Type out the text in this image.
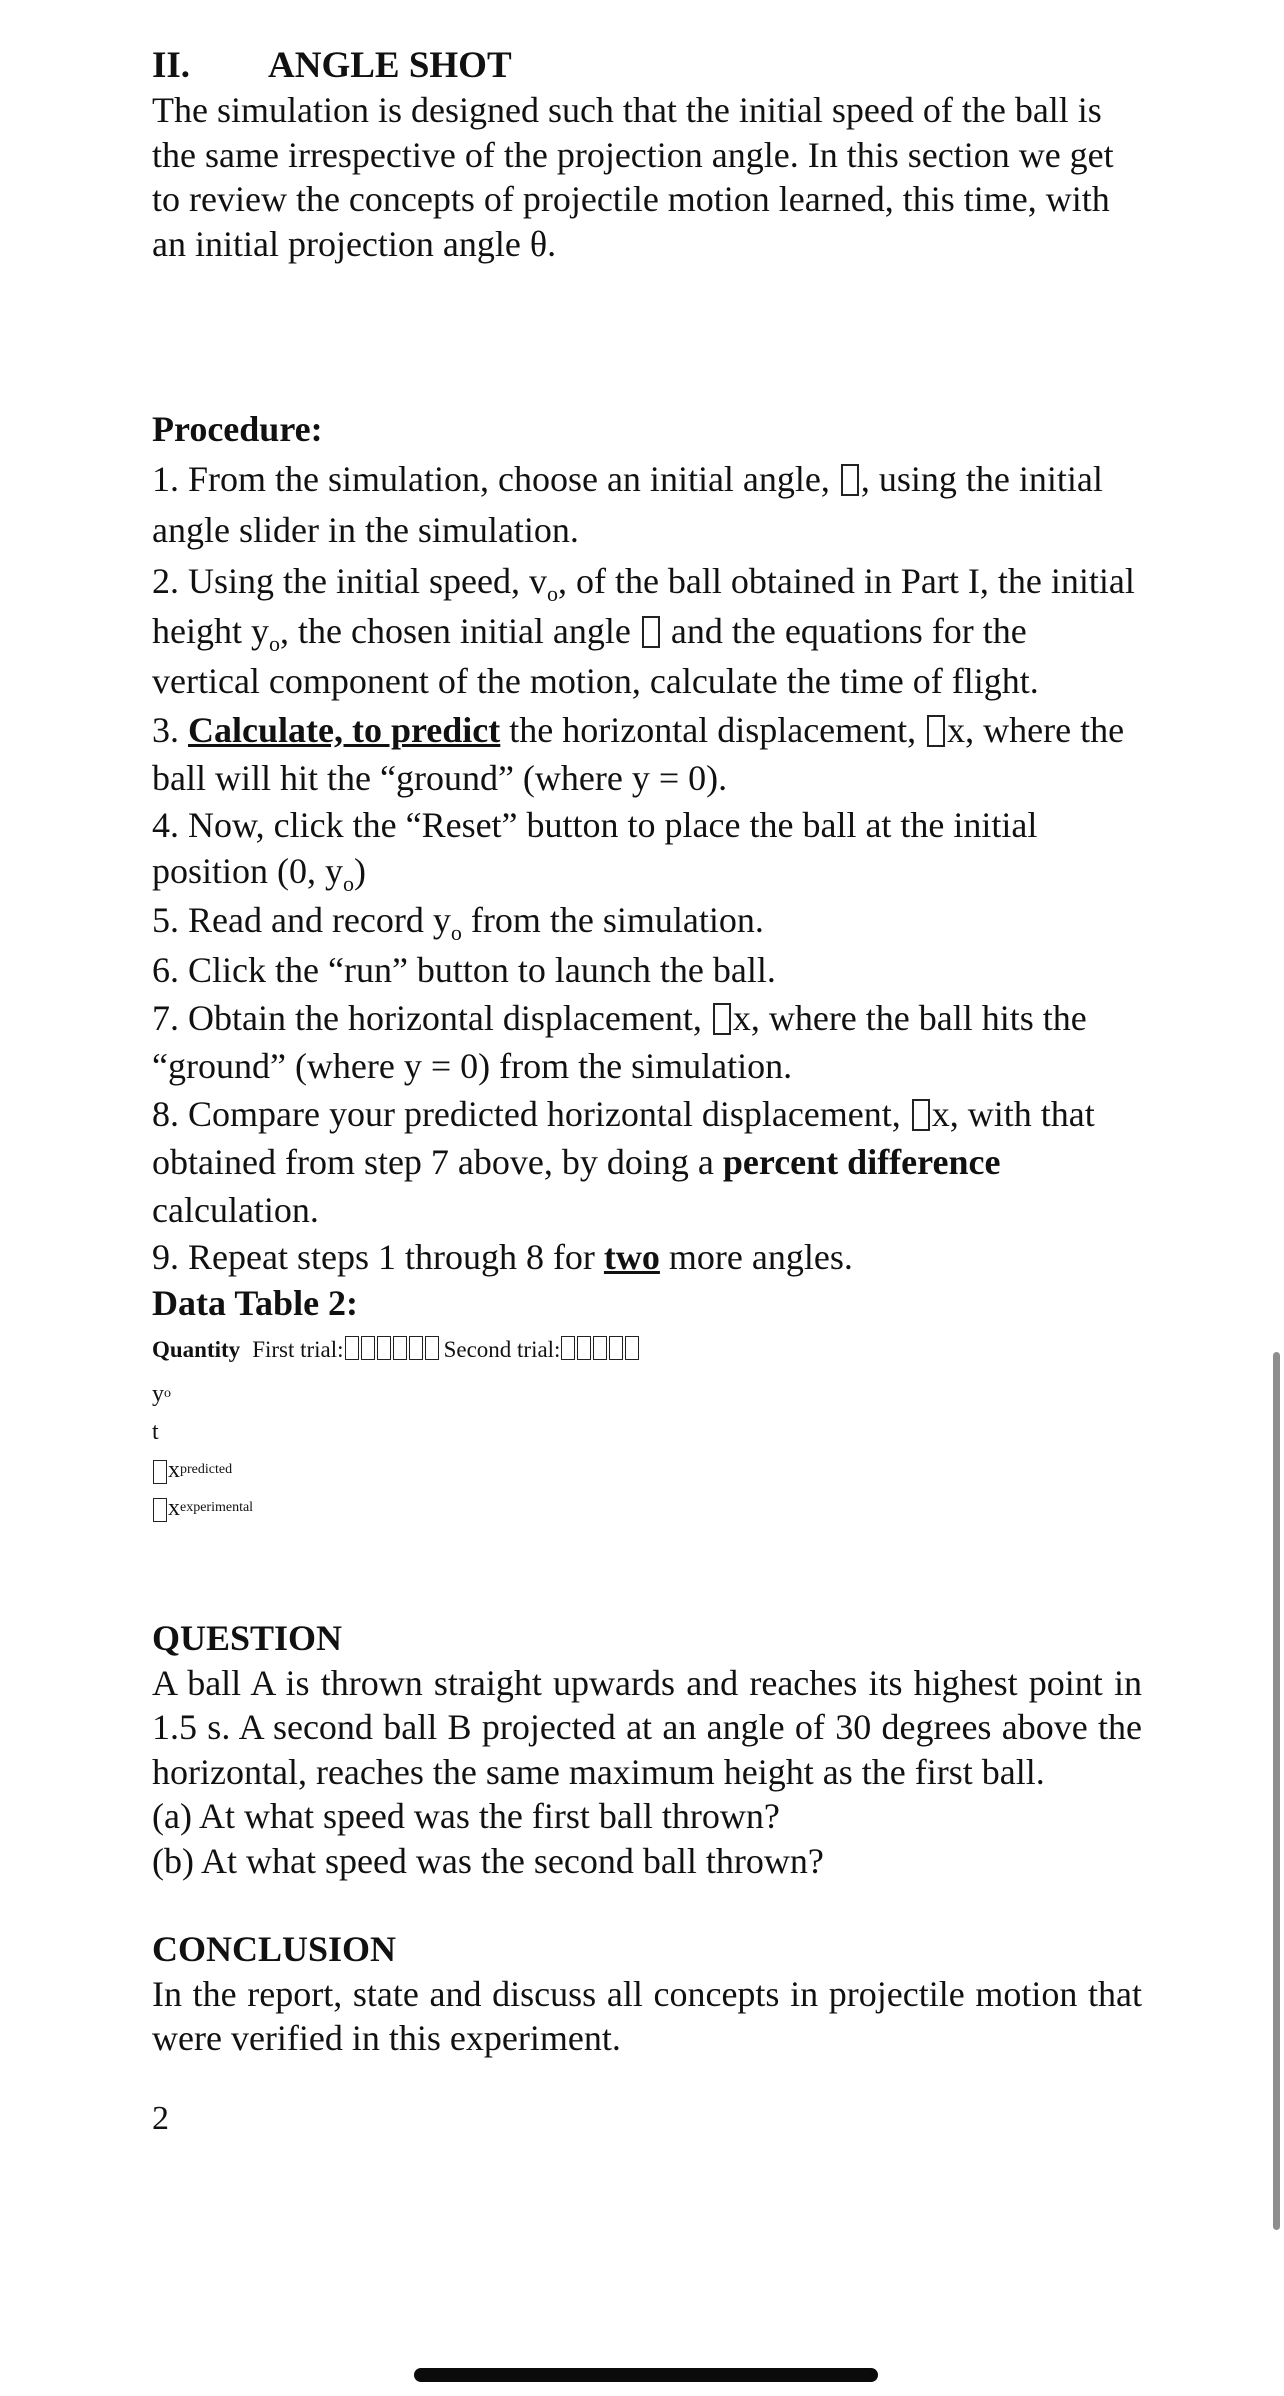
II. ANGLE SHOT
The simulation is designed such that the initial speed of the ball is the same irrespective of the projection angle. In this section we get to review the concepts of projectile motion learned, this time, with an initial projection angle θ.
Procedure:
1. From the simulation, choose an initial angle, , using the initial angle slider in the simulation.
2. Using the initial speed, $v_o$, of the ball obtained in Part I, the initial height $y_o$, the chosen initial angle  and the equations for the vertical component of the motion, calculate the time of flight.
3. Calculate, to predict the horizontal displacement, x, where the ball will hit the “ground” (where y = 0).
4. Now, click the “Reset” button to place the ball at the initial position (0, $y_o$)
5. Read and record $y_o$ from the simulation.
6. Click the “run” button to launch the ball.
7. Obtain the horizontal displacement, x, where the ball hits the “ground” (where y = 0) from the simulation.
8. Compare your predicted horizontal displacement, x, with that obtained from step 7 above, by doing a percent difference calculation.
9. Repeat steps 1 through 8 for two more angles.
Data Table 2:
Quantity First trial:	Second trial:
y o
t
x predicted
x experimental
QUESTION
A ball A is thrown straight upwards and reaches its highest point in 1.5 s. A second ball B projected at an angle of 30 degrees above the horizontal, reaches the same maximum height as the first ball.
(a) At what speed was the first ball thrown?
(b) At what speed was the second ball thrown?
CONCLUSION
In the report, state and discuss all concepts in projectile motion that were verified in this experiment.
2
